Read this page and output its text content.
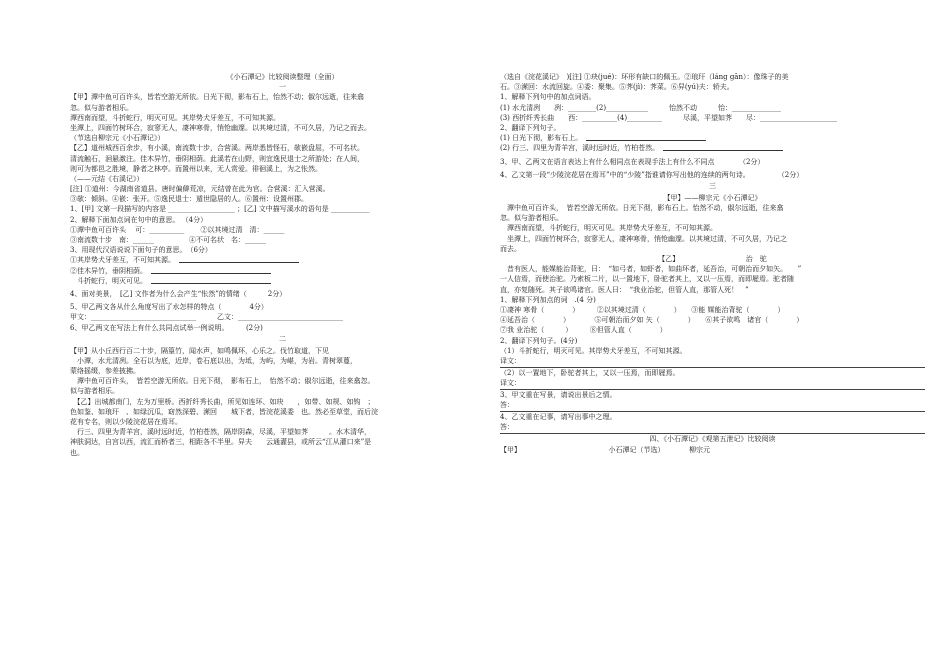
《小石潭记》比较阅读整理（全面）
一
【甲】潭中鱼可百许头，皆若空游无所依。日光下彻，影布石上，怡然不动；俶尔远逝，往来翕
忽。似与游者相乐。
潭西南而望，斗折蛇行，明灭可见。其岸势犬牙差互，不可知其源。
坐潭上，四面竹树环合，寂寥无人，凄神寒骨，悄怆幽邃。以其境过清，不可久居，乃记之而去。
（节选自柳宗元《小石潭记》）
【乙】道州城西百余步，有小溪，南流数十步，合营溪。两岸悉皆怪石，欹嵌盘屈，不可名状。
清流触石，洄悬激注。佳木异竹，垂阴相荫。此溪若在山野，则宜逸民退士之所游处；在人间，
则可为都邑之胜境，静者之林亭。而置州以来，无人赏爱。徘徊溪上，为之怅然。
（——元结《右溪记》）
[注] ①道州：今湖南省道县。唐时偏僻荒凉，元结曾在此为官。合营溪：汇入营溪。
③欹：倾斜。④嵌：张开。⑤逸民退士：遁世隐居的人。⑥置州：设置州郡。
1、[甲] 文第一段描写的内容是 ___________________ ；[乙] 文中描写溪水的语句是 ___________
2、解释下面加点词在句中的意思。 （4分）
①潭中鱼可百许头　 可：__________　　 ②以其境过清　清：______
③南流数十步　南：______　　　　　④不可名状　名：______
3、用现代汉语说说下面句子的意思。　（6分）
①其岸势犬牙差互，不可知其源。
②佳木异竹，垂阴相荫。
　斗折蛇行，明灭可见。
4、面对美景，　[乙] 文作者为什么会产生“怅然”的情绪（　　　2分）
5、甲乙两文各从什么角度写出了水怎样的特点（　　　　4分）
甲文：______________________________　　　乙文：______________________________
6、甲乙两文在写法上有什么共同点试举一例说明。　　　(2分)
二
【甲】从小丘西行百二十步，隔篁竹，闻水声，如鸣佩环，心乐之。伐竹取道，下见
　小潭，水尤清冽。全石以为底，近岸，卷石底以出，为坻，为屿，为嵁，为岩。青树翠蔓，
蒙络摇缀，参差披拂。
　潭中鱼可百许头，　皆若空游无所依。日光下彻，　影布石上，　怡然不动；俶尔远逝，往来翕忽。
似与游者相乐。
　【乙】出城都南门，左为万里桥。西折纤秀长曲，所见如连环、如玦　　，如带、如规、如钩　；
色如鉴、如琅玕　、如绿沉瓜，窈然深碧、潆回　　城下者，皆浣花溪委　也。然必至草堂，而后浣
花有专名，则以少陵浣花居在焉耳。
　行三、四里为青羊宫，溪时远时近，竹柏苍然，隔岸阴森，尽溪，平望如荠　　　。水木清华，
神肤洞达，自宫以西，流汇而桥者三，相距各不半里。舁夫　　云通灌县，或所云“江从灌口来”是
也。
（选自《浣花溪记》　)[注] ①玦(jué)：环形有缺口的佩玉。②琅玕（láng gān）：像珠子的美
石。③潆回：水流回旋。④委：聚集。⑤荠(jì)：荠菜。⑥舁(yú)夫：轿夫。
1、解释下列句中的加点词语。
(1) 水尤清冽　　冽：________(2)____________　　　怡然不动　　　怡：______________
(3) 西折纤秀长曲　　西：__________(4)__________　　　尽溪，平望如荠　　尽：______________________
2、翻译下列句子。
(1) 日光下彻，影布石上。
(2) 行三、四里为青羊宫，溪时远时近，竹柏苍然。
3、甲、乙两文在语言表达上有什么相同点在表现手法上有什么不同点　　　　（2分）
4、乙文第一段“少陵浣花居在焉耳”中的“少陵”指谁请你写出他的连续的两句诗。　　　　　（2分）
三
【甲】——柳宗元《小石潭记》
　潭中鱼可百许头，　皆若空游无所依。日光下彻，影布石上。怡然不动，俶尔远逝，往来翕
忽。似与游者相乐。
　潭西南而望，斗折蛇行，明灭可见。其岸势犬牙差互，不可知其源。
　坐潭上，四面竹树环合，寂寥无人，凄神寒骨，悄怆幽邃。以其境过清，不可久居，乃记之
而去。
【乙】　　　　　　　　　　治　驼
　昔有医人，能媒能治背驼，曰：　“如弓者，如虾者，如曲环者，延吾治，可朝治而夕如矢。　　”
一人信焉，而使治驼。乃索板二片，以一置地下，卧驼者其上，又以一压焉，而即屣焉。驼者随
直，亦复随死。其子欲鸣诸官。医人曰：　“我业治驼，但管人直，那管人死！　”
1、解释下列加点的词　.(4 分)
①凄神 寒骨（　　　　）　　　②以其境过清（　　　　）　　③能 媒能治背驼（　　　　）
④延吾治（　　　　）　　　　⑤可朝治而夕如 矢（　　　　）　　⑥其子欲鸣　诸官（　　　　）
⑦我 业治驼（　　　）　　　⑧但管人直（　　　　）
2、翻译下列句子。(4分)
（1）斗折蛇行，明灭可见。其岸势犬牙差互，不可知其源。
译文：
（2）以一置地下，卧驼者其上，又以一压焉，而即屣焉。
译文：
3、甲文重在写景，请说出景后之情。
答：
4、乙文重在记事，请写出事中之理。
答：
四、《小石潭记》《观第五泄记》比较阅读
【甲】　　　　　　　　　　　　　小石潭记（节选）　　　　柳宗元
